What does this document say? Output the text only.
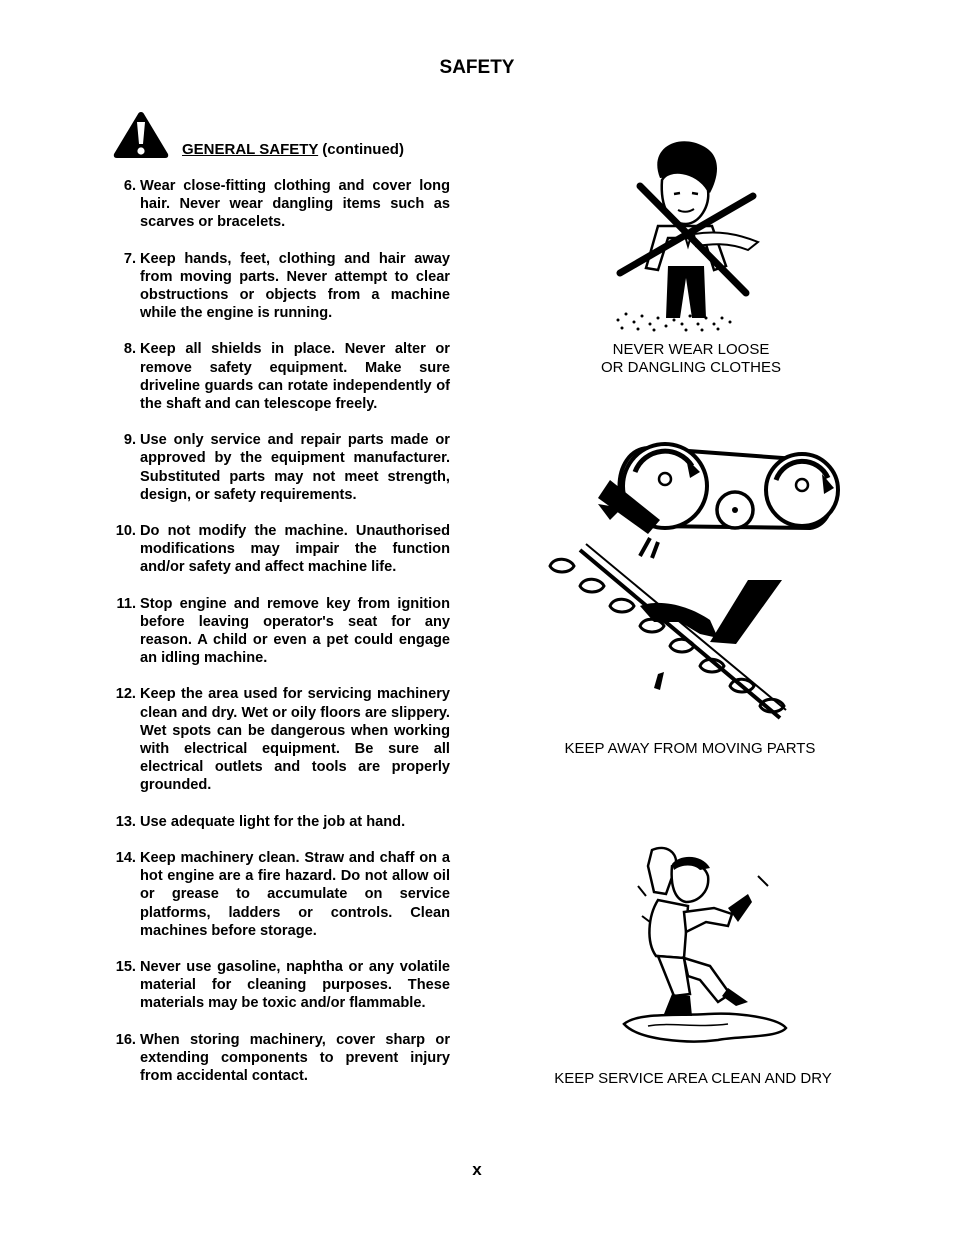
SAFETY
GENERAL SAFETY (continued)
6. Wear close-fitting clothing and cover long hair. Never wear dangling items such as scarves or bracelets.
7. Keep hands, feet, clothing and hair away from moving parts. Never attempt to clear obstructions or objects from a machine while the engine is running.
8. Keep all shields in place. Never alter or remove safety equipment. Make sure driveline guards can rotate independently of the shaft and can telescope freely.
9. Use only service and repair parts made or approved by the equipment manufacturer. Substituted parts may not meet strength, design, or safety requirements.
10. Do not modify the machine. Unauthorised modifications may impair the function and/or safety and affect machine life.
11. Stop engine and remove key from ignition before leaving operator's seat for any reason. A child or even a pet could engage an idling machine.
12. Keep the area used for servicing machinery clean and dry. Wet or oily floors are slippery. Wet spots can be dangerous when working with electrical equipment. Be sure all electrical outlets and tools are properly grounded.
13. Use adequate light for the job at hand.
14. Keep machinery clean. Straw and chaff on a hot engine are a fire hazard. Do not allow oil or grease to accumulate on service platforms, ladders or controls. Clean machines before storage.
15. Never use gasoline, naphtha or any volatile material for cleaning purposes. These materials may be toxic and/or flammable.
16. When storing machinery, cover sharp or extending components to prevent injury from accidental contact.
NEVER WEAR LOOSE
OR DANGLING CLOTHES
KEEP AWAY FROM MOVING PARTS
KEEP SERVICE AREA CLEAN AND DRY
x
